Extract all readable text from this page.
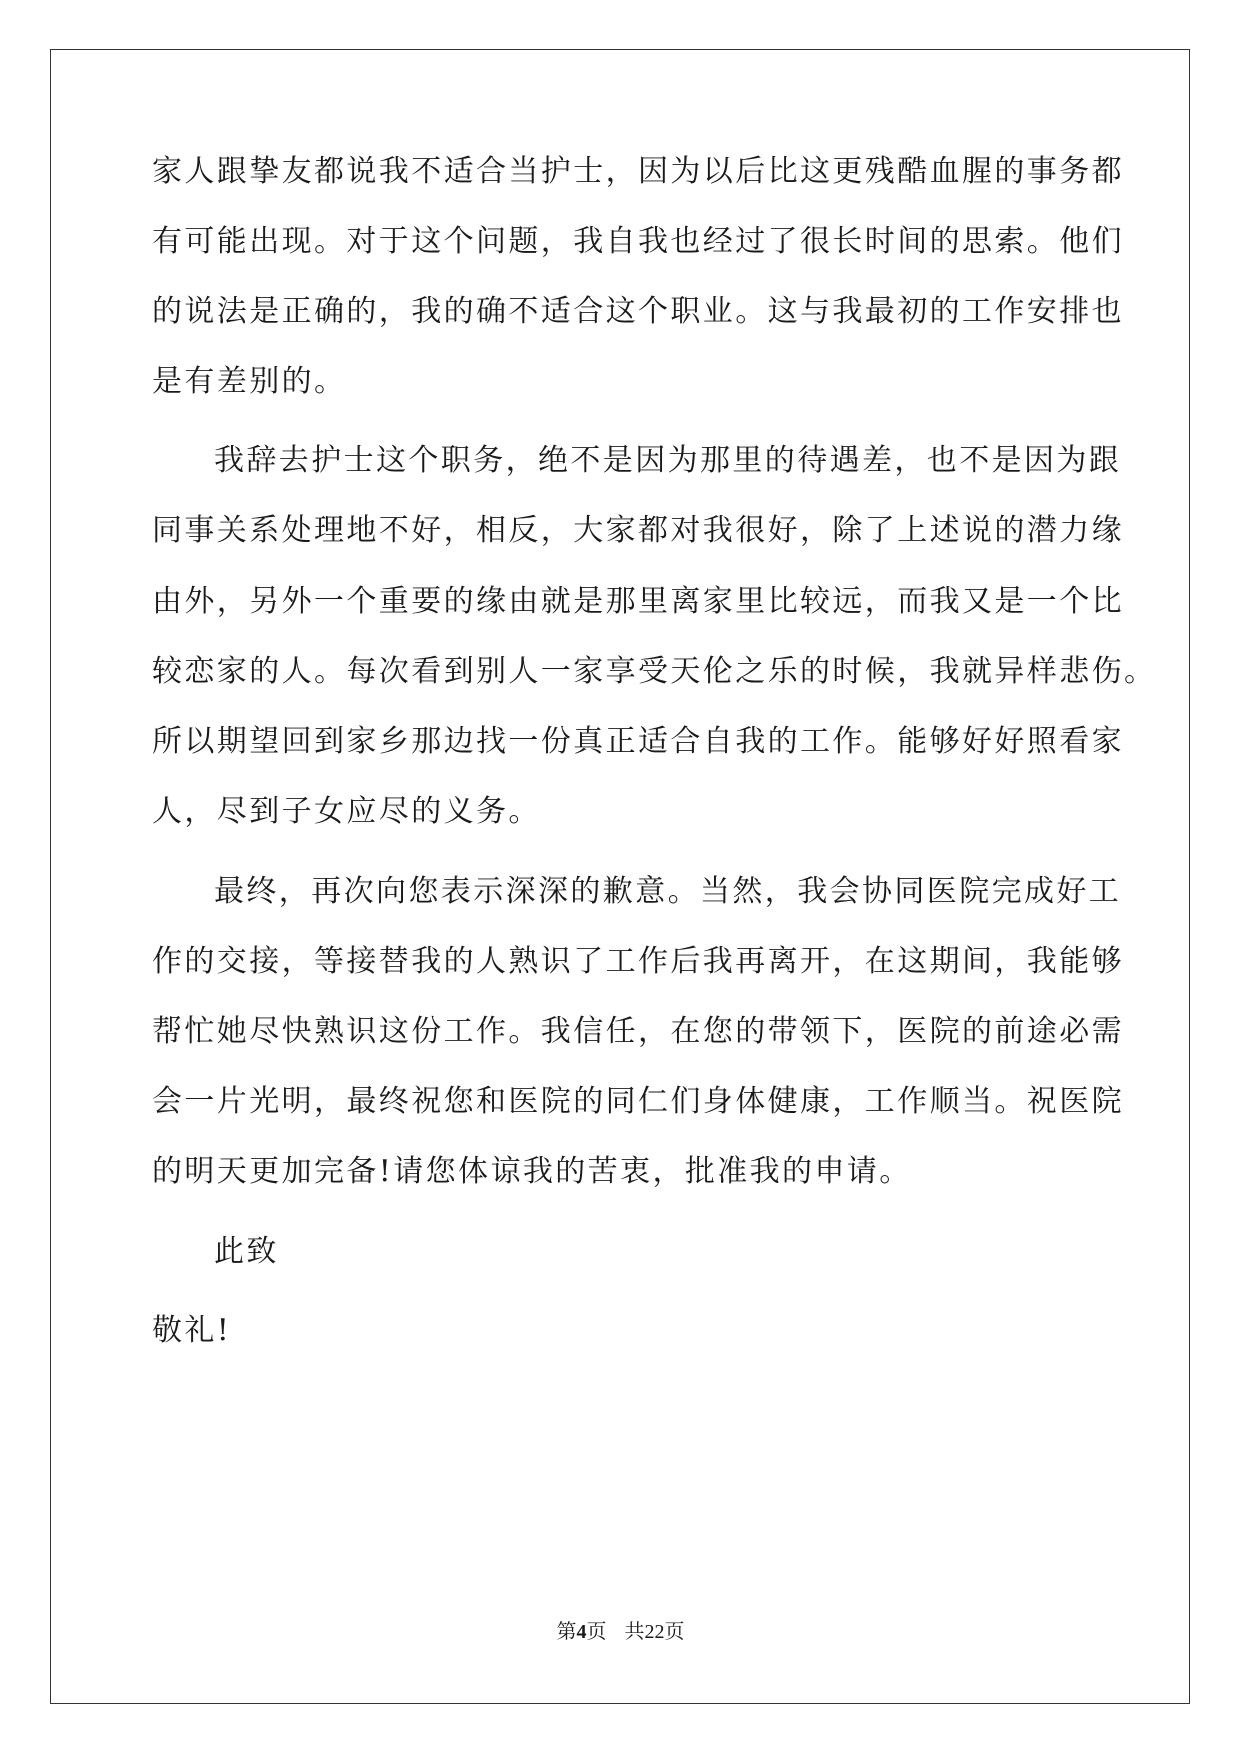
家人跟挚友都说我不适合当护士，因为以后比这更残酷血腥的事务都
有可能出现。对于这个问题，我自我也经过了很长时间的思索。他们
的说法是正确的，我的确不适合这个职业。这与我最初的工作安排也
是有差别的。
我辞去护士这个职务，绝不是因为那里的待遇差，也不是因为跟
同事关系处理地不好，相反，大家都对我很好，除了上述说的潜力缘
由外，另外一个重要的缘由就是那里离家里比较远，而我又是一个比
较恋家的人。每次看到别人一家享受天伦之乐的时候，我就异样悲伤。
所以期望回到家乡那边找一份真正适合自我的工作。能够好好照看家
人，尽到子女应尽的义务。
最终，再次向您表示深深的歉意。当然，我会协同医院完成好工
作的交接，等接替我的人熟识了工作后我再离开，在这期间，我能够
帮忙她尽快熟识这份工作。我信任，在您的带领下，医院的前途必需
会一片光明，最终祝您和医院的同仁们身体健康，工作顺当。祝医院
的明天更加完备!请您体谅我的苦衷，批准我的申请。
此致
敬礼!
第4页 共22页
